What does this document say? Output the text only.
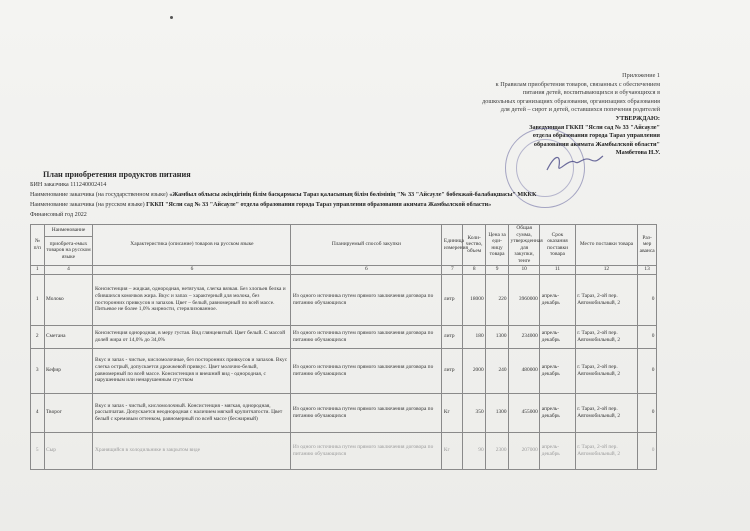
Приложение 1
к Правилам приобретения товаров, связанных с обеспечением
питания детей, воспитывающихся и обучающихся в
дошкольных организациях образования, организациях образования
для детей – сирот и детей, оставшихся попечения родителей
УТВЕРЖДАЮ:
Заведующая ГККП "Ясли сад № 33 "Айсауле"
отдела образования города Тараз управления
образования акимата Жамбылской области"
Мамбетова Н.У.
План приобретения продуктов питания
БИН заказчика 111240002414
Наименование заказчика (на государственном языке) «Жамбыл облысы әкімдігінің білім басқармасы Тараз қаласының білім бөлімінің "№ 33 "Айсәуле" бөбекжай-балабақшасы" МККК
Наименование заказчика (на русском языке) ГККП "Ясли сад № 33 "Айсауле" отдела образования города Тараз управления образования акимата Жамбылской области»
Финансовый год 2022
№ п/п	Наименование	Характеристика (описание) товаров на русском языке	Планируемый способ закупки	Единица измерения	Коли-чество, объем	Цена за еди-ницу товара	Общая сумма, утвержденная для закупки, тенге	Срок оказания поставки товара	Место поставки товара	Раз-мер аванса
	приобрета-емых товаров на русском языке									
1	4	6	6	7	8	9	10	11	12	13
1	Молоко	Консистенция – жидкая, однородная, нетягучая, слегка вязкая. Без хлопьев белка и сбившихся комочков жира. Вкус и запах – характерный для молока, без посторонних привкусов и запахов. Цвет – белый, равномерный по всей массе. Питьевое не более 1,0% жирности, стерилизованное.	Из одного источника путем прямого заключения договора по питанию обучающихся	литр	18000	220	3960000	апрель-декабрь	г. Тараз, 2-ой пер. Автомобильный, 2	0
2	Сметана	Консистенция однородная, в меру густая. Вид глянцевитый. Цвет белый. С массой долей жира от 14,0% до 34,0%	Из одного источника путем прямого заключения договора по питанию обучающихся	литр	180	1300	234000	апрель-декабрь	г. Тараз, 2-ой пер. Автомобильный, 2	0
3	Кефир	Вкус и запах - чистые, кисломолочные, без посторонних привкусов и запахов. Вкус слегка острый, допускается дрожжевой привкус. Цвет молочно-белый, равномерный по всей массе. Консистенция и внешний вид - однородная, с нарушенным или ненарушенным сгустком	Из одного источника путем прямого заключения договора по питанию обучающихся	литр	2000	240	480000	апрель-декабрь	г. Тараз, 2-ой пер. Автомобильный, 2	0
4	Творог	Вкус и запах - чистый, кисломолочный. Консистенция - мягкая, однородная, рассыпчатая. Допускается неоднородная с наличием мягкой крупитчатости. Цвет белый с кремовым оттенком, равномерный по всей массе (бесжирный)	Из одного источника путем прямого заключения договора по питанию обучающихся	Кг	350	1300	455000	апрель-декабрь	г. Тараз, 2-ой пер. Автомобильный, 2	0
5	Сыр	Хранящийся в холодильнике в закрытом виде	Из одного источника путем прямого заключения договора по питанию обучающихся	Кг	90	2300	207000	апрель-декабрь	г. Тараз, 2-ой пер. Автомобильный, 2	0
